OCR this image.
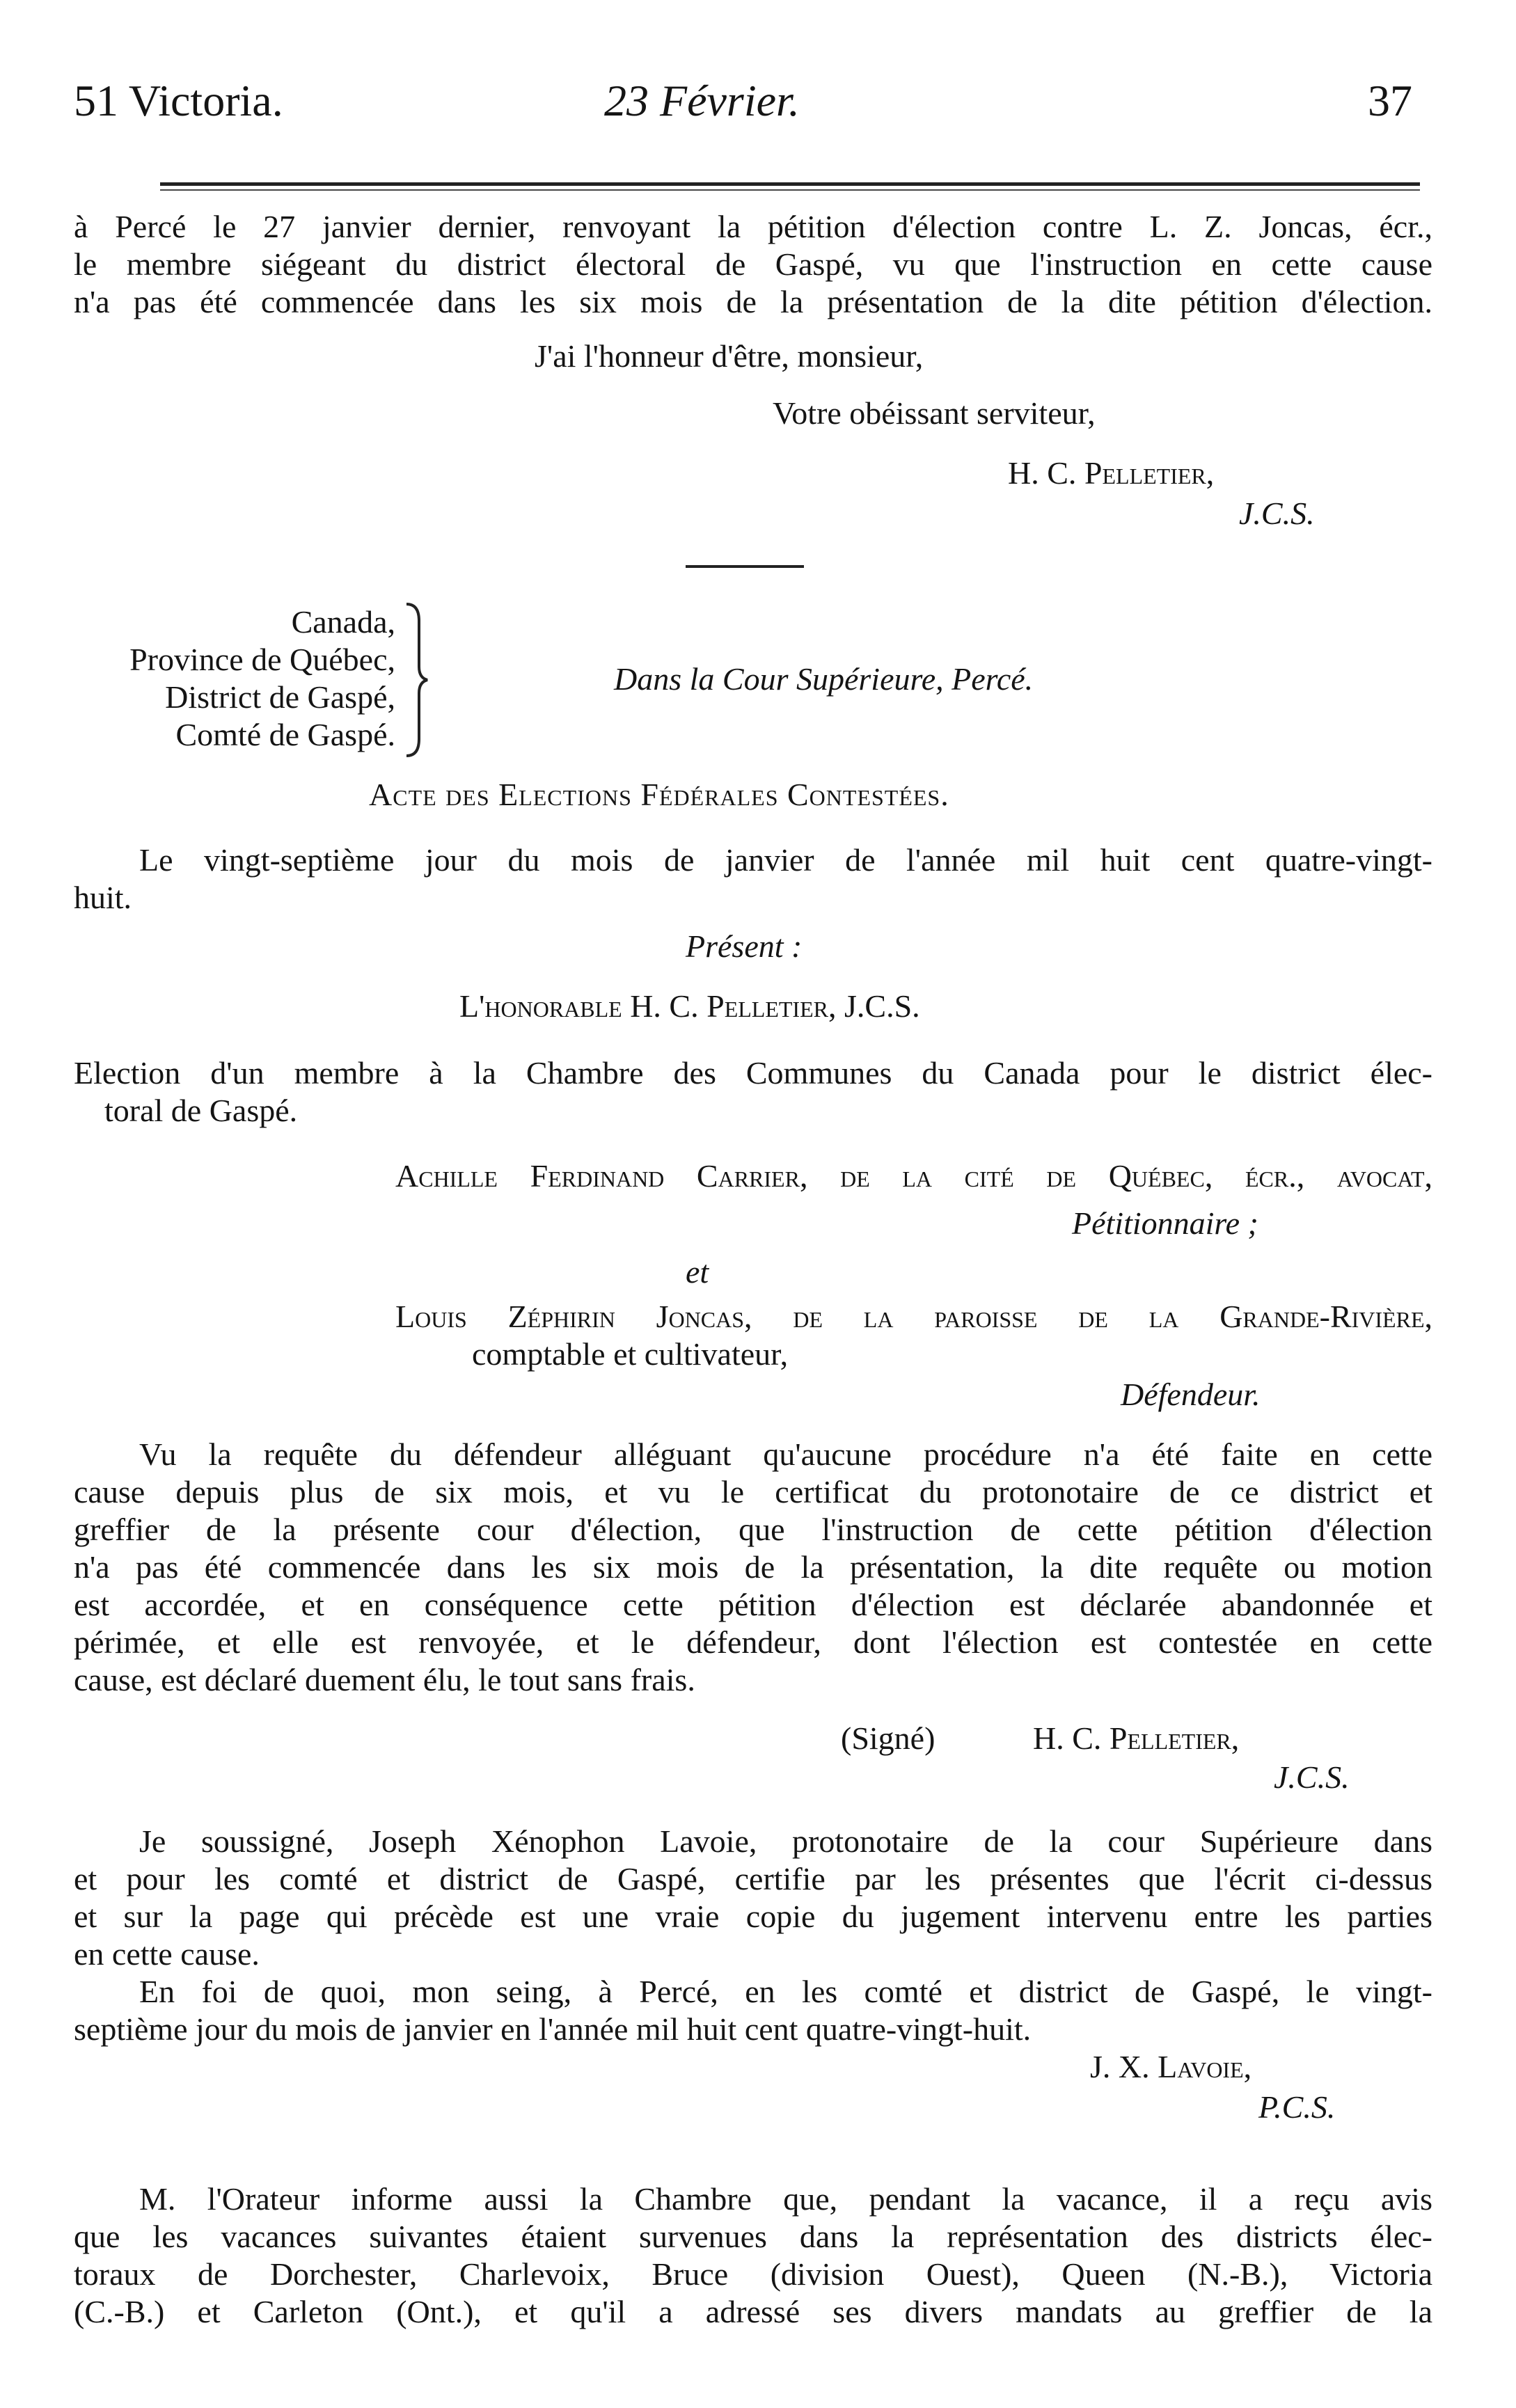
51 Victoria.	23 Février.	37
à Percé le 27 janvier dernier, renvoyant la pétition d'élection contre L. Z. Joncas, écr.,
le membre siégeant du district électoral de Gaspé, vu que l'instruction en cette cause
n'a pas été commencée dans les six mois de la présentation de la dite pétition d'élection.
J'ai l'honneur d'être, monsieur,
Votre obéissant serviteur,
H. C. Pelletier,
J.C.S.
Canada,
Province de Québec,
District de Gaspé,
Comté de Gaspé.
Dans la Cour Supérieure, Percé.
Acte des Elections Fédérales Contestées.
Le vingt-septième jour du mois de janvier de l'année mil huit cent quatre-vingt-
huit.
Présent :
L'honorable H. C. Pelletier, J.C.S.
Election d'un membre à la Chambre des Communes du Canada pour le district élec-
toral de Gaspé.
Achille Ferdinand Carrier, de la cité de Québec, écr., avocat,
Pétitionnaire ;
et
Louis Zéphirin Joncas, de la paroisse de la Grande-Rivière,
comptable et cultivateur,
Défendeur.
Vu la requête du défendeur alléguant qu'aucune procédure n'a été faite en cette
cause depuis plus de six mois, et vu le certificat du protonotaire de ce district et
greffier de la présente cour d'élection, que l'instruction de cette pétition d'élection
n'a pas été commencée dans les six mois de la présentation, la dite requête ou motion
est accordée, et en conséquence cette pétition d'élection est déclarée abandonnée et
périmée, et elle est renvoyée, et le défendeur, dont l'élection est contestée en cette
cause, est déclaré duement élu, le tout sans frais.
(Signé)	H. C. Pelletier,
J.C.S.
Je soussigné, Joseph Xénophon Lavoie, protonotaire de la cour Supérieure dans
et pour les comté et district de Gaspé, certifie par les présentes que l'écrit ci-dessus
et sur la page qui précède est une vraie copie du jugement intervenu entre les parties
en cette cause.
En foi de quoi, mon seing, à Percé, en les comté et district de Gaspé, le vingt-
septième jour du mois de janvier en l'année mil huit cent quatre-vingt-huit.
J. X. Lavoie,
P.C.S.
M. l'Orateur informe aussi la Chambre que, pendant la vacance, il a reçu avis
que les vacances suivantes étaient survenues dans la représentation des districts élec-
toraux de Dorchester, Charlevoix, Bruce (division Ouest), Queen (N.-B.), Victoria
(C.-B.) et Carleton (Ont.), et qu'il a adressé ses divers mandats au greffier de la
